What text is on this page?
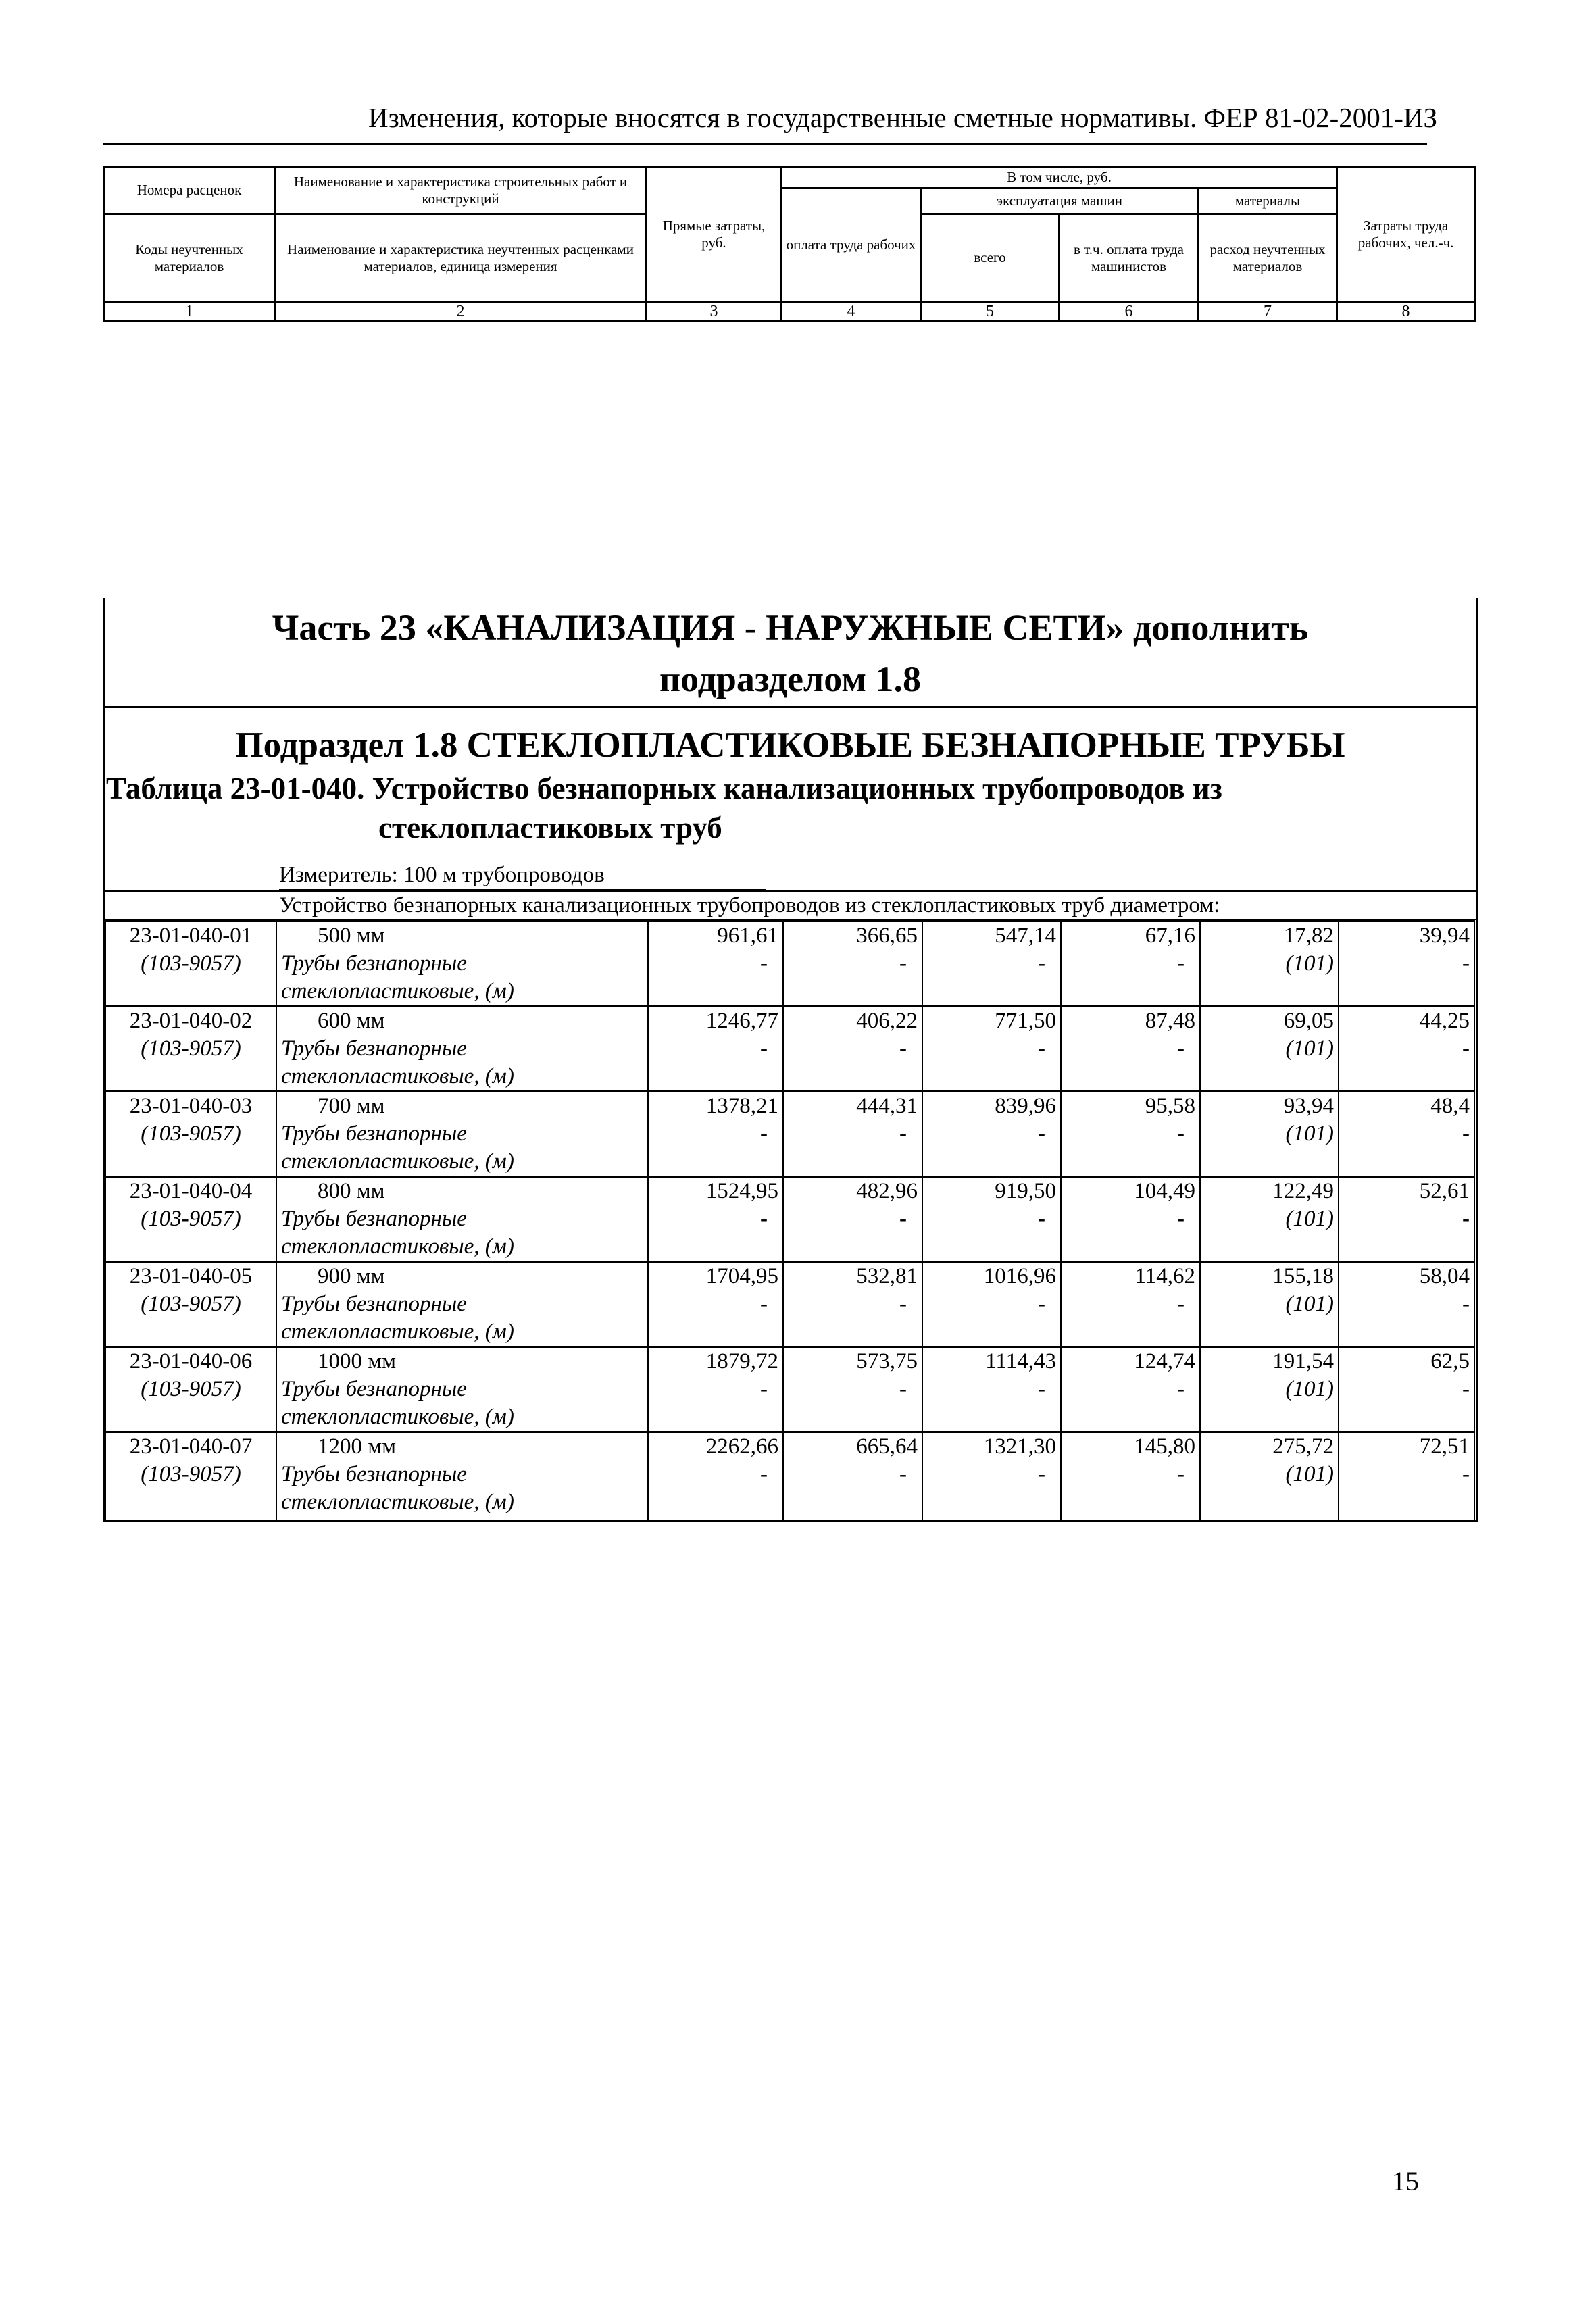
Изменения, которые вносятся в государственные сметные нормативы. ФЕР 81-02-2001-ИЗ
Номера расценок	Наименование и характеристика строительных работ и конструкций	Прямые затраты, руб.	В том числе, руб.				Затраты труда рабочих, чел.-ч.
			оплата труда рабочих	эксплуатация машин		материалы	
Коды неучтенных материалов	Наименование и характеристика неучтенных расценками материалов, единица измерения			всего	в т.ч. оплата труда машинистов	расход неучтенных материалов	

1	2	3	4	5	6	7	8
Часть 23 «КАНАЛИЗАЦИЯ - НАРУЖНЫЕ СЕТИ» дополнить подразделом 1.8
Подраздел 1.8 СТЕКЛОПЛАСТИКОВЫЕ БЕЗНАПОРНЫЕ ТРУБЫ
Таблица 23-01-040. Устройство безнапорных канализационных трубопроводов из
стеклопластиковых труб
Измеритель: 100 м трубопроводов
Устройство безнапорных канализационных трубопроводов из стеклопластиковых труб диаметром:
23-01-040-01	500 мм	961,61	366,65	547,14	67,16	17,82	39,94
(103-9057)	Трубы безнапорные	-	-	-	-	(101)	-
	стеклопластиковые, (м)						
23-01-040-02	600 мм	1246,77	406,22	771,50	87,48	69,05	44,25
(103-9057)	Трубы безнапорные	-	-	-	-	(101)	-
	стеклопластиковые, (м)						
23-01-040-03	700 мм	1378,21	444,31	839,96	95,58	93,94	48,4
(103-9057)	Трубы безнапорные	-	-	-	-	(101)	-
	стеклопластиковые, (м)						
23-01-040-04	800 мм	1524,95	482,96	919,50	104,49	122,49	52,61
(103-9057)	Трубы безнапорные	-	-	-	-	(101)	-
	стеклопластиковые, (м)						
23-01-040-05	900 мм	1704,95	532,81	1016,96	114,62	155,18	58,04
(103-9057)	Трубы безнапорные	-	-	-	-	(101)	-
	стеклопластиковые, (м)						
23-01-040-06	1000 мм	1879,72	573,75	1114,43	124,74	191,54	62,5
(103-9057)	Трубы безнапорные	-	-	-	-	(101)	-
	стеклопластиковые, (м)						
23-01-040-07	1200 мм	2262,66	665,64	1321,30	145,80	275,72	72,51
(103-9057)	Трубы безнапорные	-	-	-	-	(101)	-
	стеклопластиковые, (м)						
15
